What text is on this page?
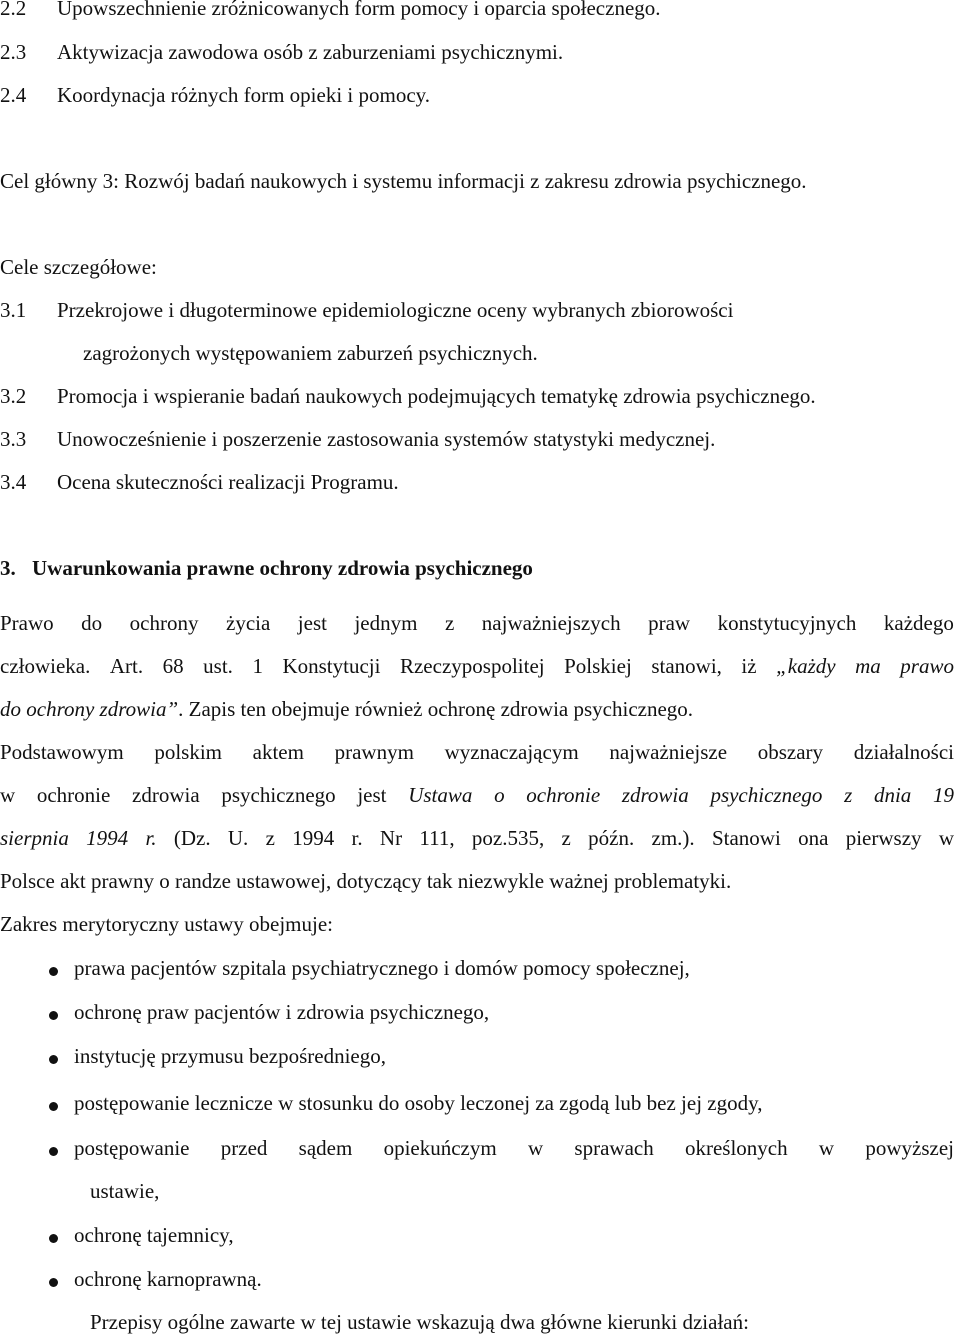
2.2 Upowszechnienie zróżnicowanych form pomocy i oparcia społecznego.
2.3 Aktywizacja zawodowa osób z zaburzeniami psychicznymi.
2.4 Koordynacja różnych form opieki i pomocy.
Cel główny 3: Rozwój badań naukowych i systemu informacji z zakresu zdrowia psychicznego.
Cele szczegółowe:
3.1 Przekrojowe i długoterminowe epidemiologiczne oceny wybranych zbiorowości
zagrożonych występowaniem zaburzeń psychicznych.
3.2 Promocja i wspieranie badań naukowych podejmujących tematykę zdrowia psychicznego.
3.3 Unowocześnienie i poszerzenie zastosowania systemów statystyki medycznej.
3.4 Ocena skuteczności realizacji Programu.
3. Uwarunkowania prawne ochrony zdrowia psychicznego
Prawo do ochrony życia jest jednym z najważniejszych praw konstytucyjnych każdego
człowieka. Art. 68 ust. 1 Konstytucji Rzeczypospolitej Polskiej stanowi, iż „każdy ma prawo
do ochrony zdrowia”. Zapis ten obejmuje również ochronę zdrowia psychicznego.
Podstawowym polskim aktem prawnym wyznaczającym najważniejsze obszary działalności
w ochronie zdrowia psychicznego jest Ustawa o ochronie zdrowia psychicznego z dnia 19
sierpnia 1994 r. (Dz. U. z 1994 r. Nr 111, poz.535, z późn. zm.). Stanowi ona pierwszy w
Polsce akt prawny o randze ustawowej, dotyczący tak niezwykle ważnej problematyki.
Zakres merytoryczny ustawy obejmuje:
prawa pacjentów szpitala psychiatrycznego i domów pomocy społecznej,
ochronę praw pacjentów i zdrowia psychicznego,
instytucję przymusu bezpośredniego,
postępowanie lecznicze w stosunku do osoby leczonej za zgodą lub bez jej zgody,
postępowanie przed sądem opiekuńczym w sprawach określonych w powyższej
ustawie,
ochronę tajemnicy,
ochronę karnoprawną.
Przepisy ogólne zawarte w tej ustawie wskazują dwa główne kierunki działań:
